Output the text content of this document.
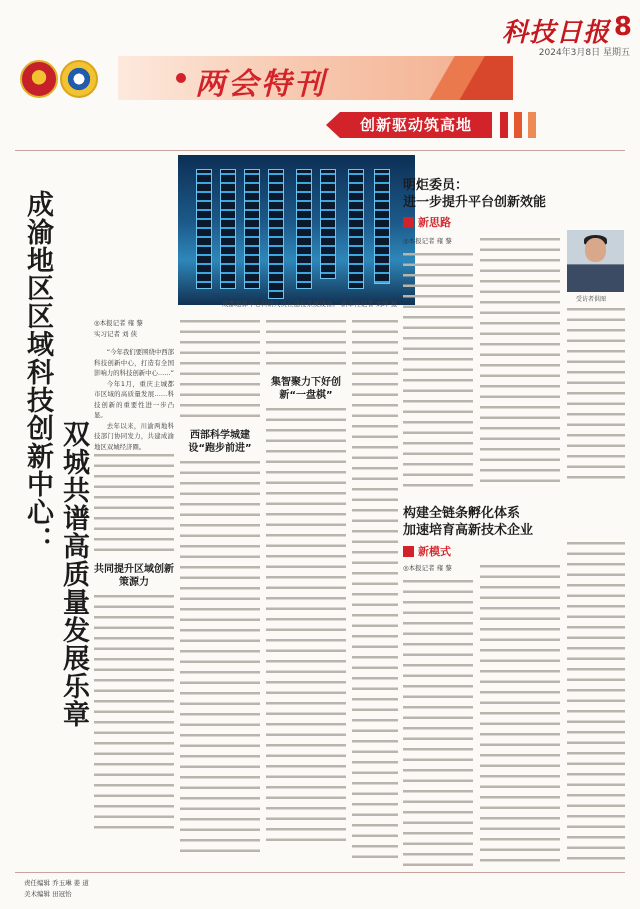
两会特刊
科技日报 8
2024年3月8日 星期五
创新驱动筑高地
成渝地区区域科技创新中心：
双城共谱高质量发展乐章
成都超算中心科研人员在巡检系统设备。 新华社记者 刘坤 摄
◎本报记者 雍 黎
实习记者 刘 侠

“今年我们要围绕中西部科技创新中心，打造有全国影响力的科技创新中心……”

今年1月，重庆主城都市区域的高质量发展……科技创新的重要性进一步凸显。

去年以来，川渝两地科技部门协同发力，共建成渝地区双城经济圈。

共同提升区域创新策源力
西部科学城建设“跑步前进”
集智聚力下好创新“一盘棋”
明炬委员：
进一步提升平台创新效能
新思路
◎本报记者 雍 黎
受访者供图
构建全链条孵化体系
加速培育高新技术企业
新模式
◎本报记者 雍 黎
责任编辑 乔玉琳 姜 道
美术编辑 田冠怡
